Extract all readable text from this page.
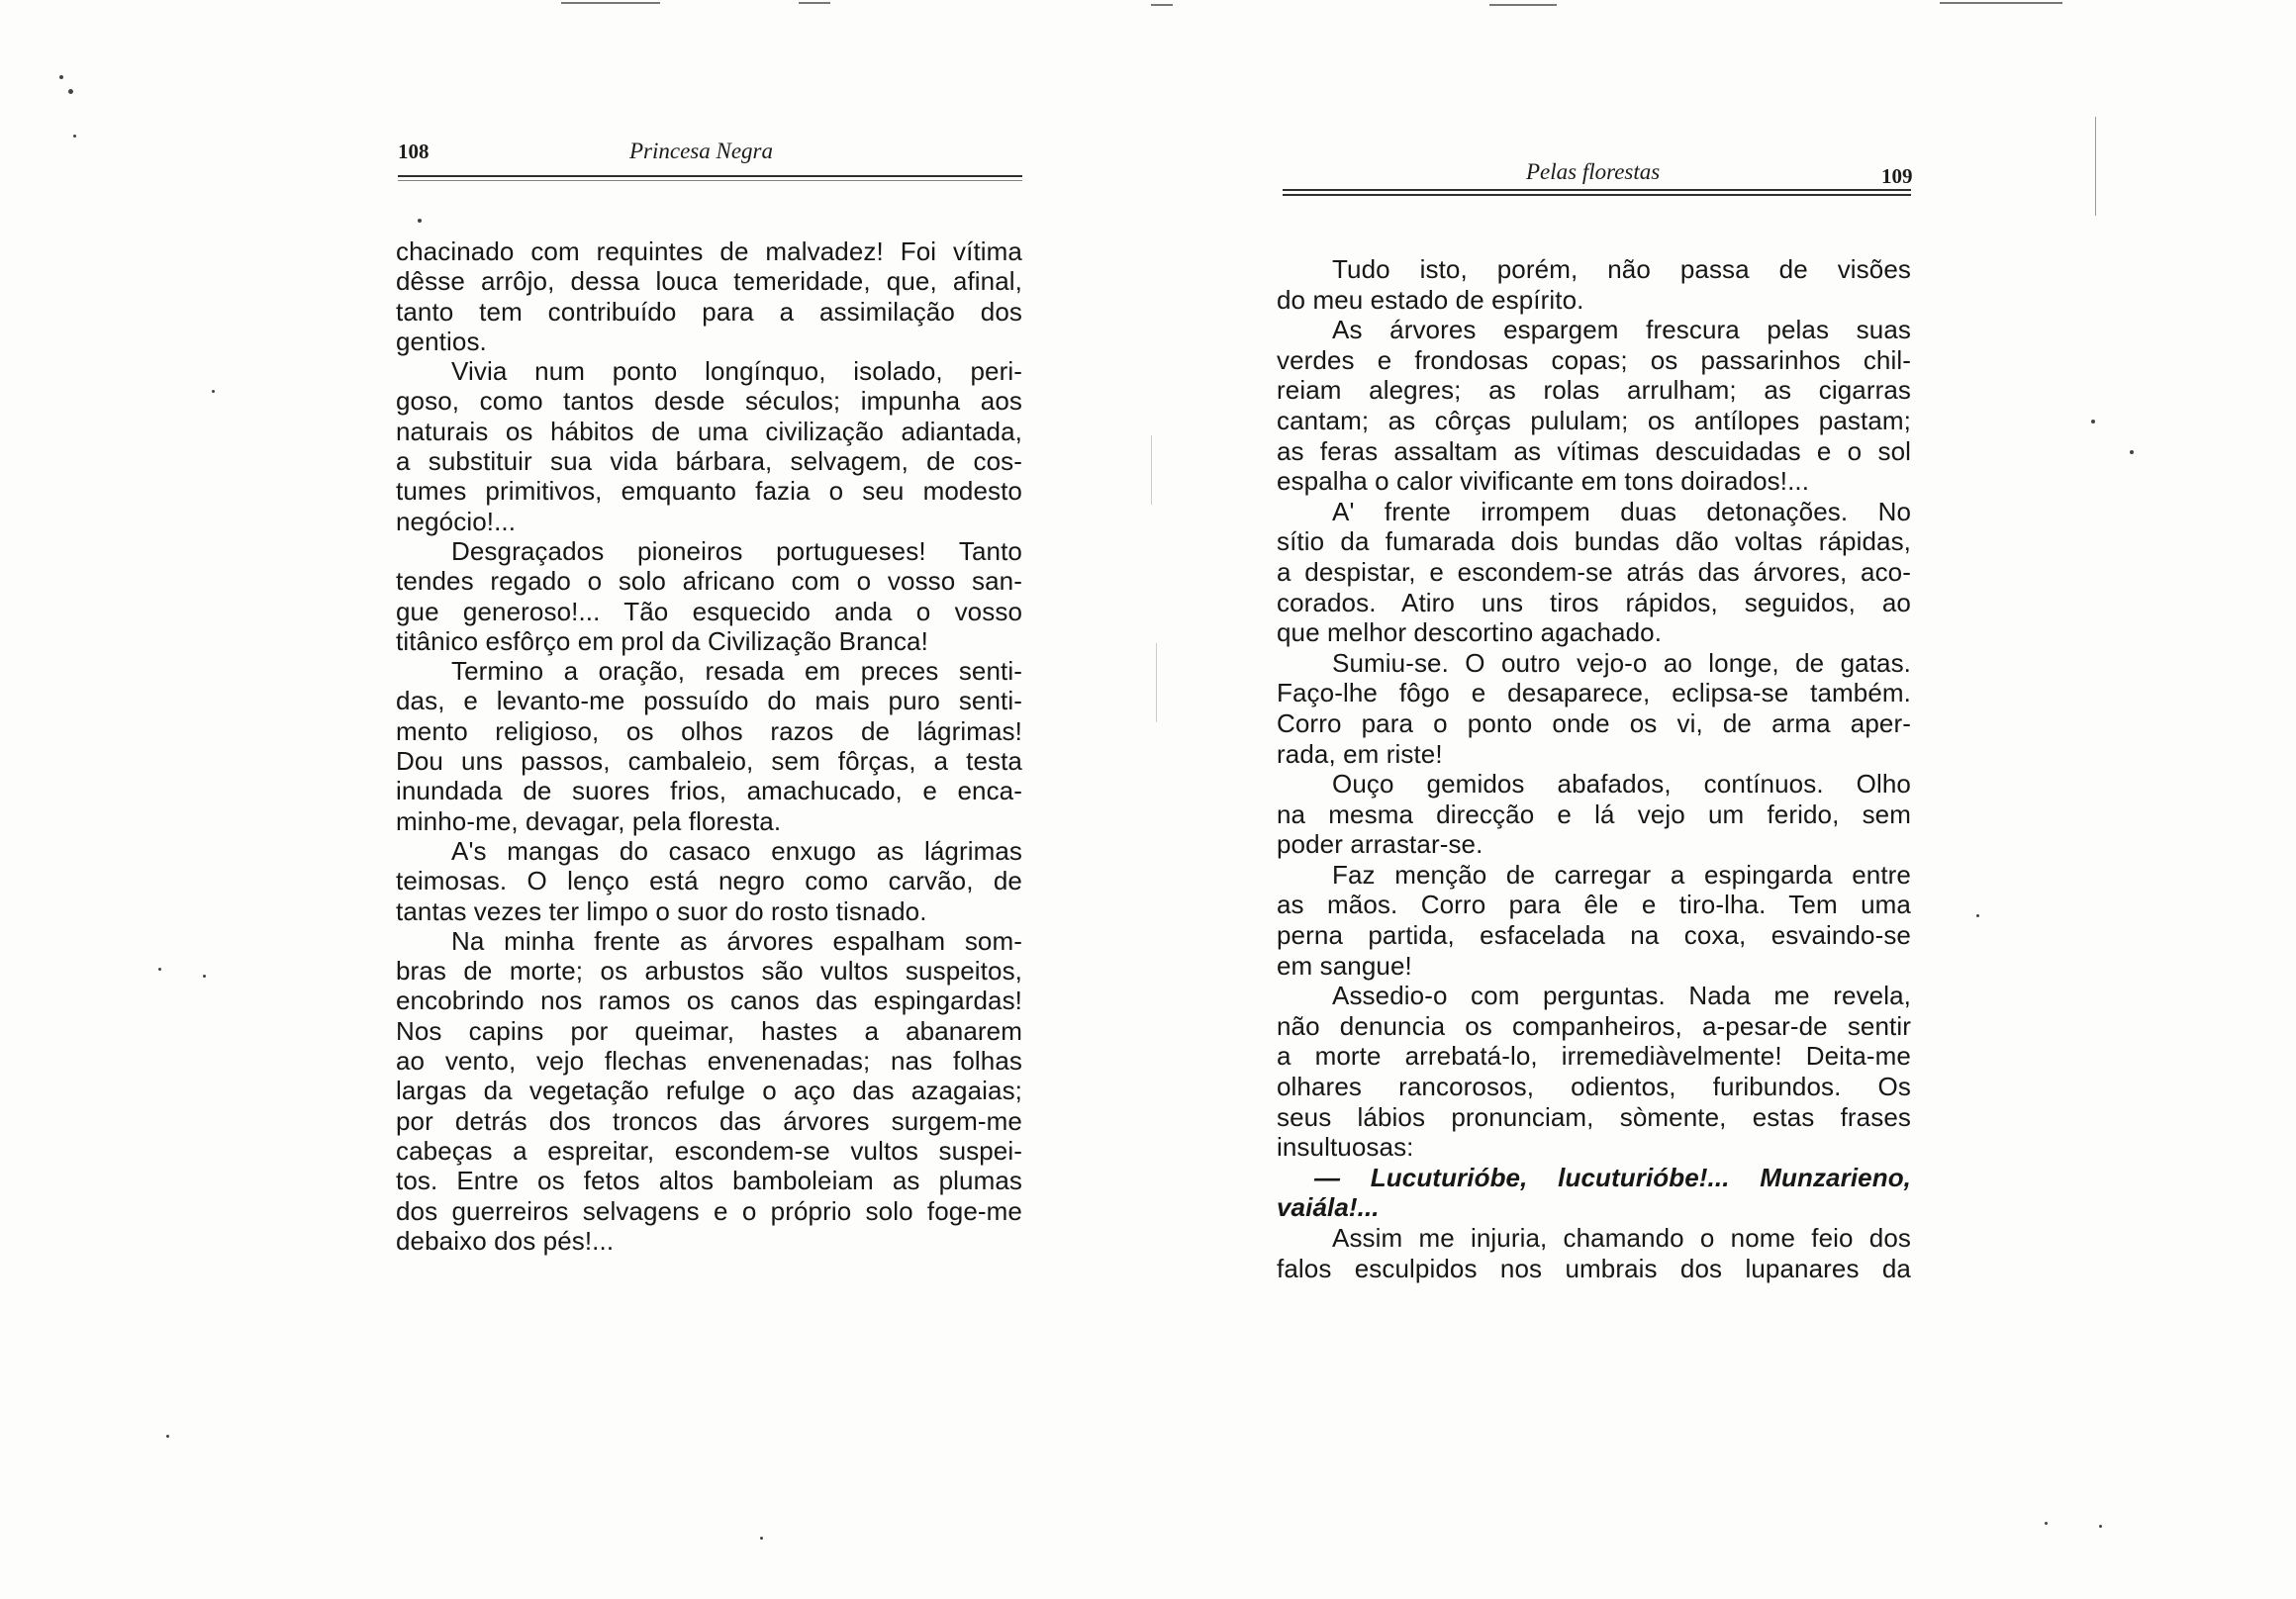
108	Princesa Negra
chacinado com requintes de malvadez! Foi vítima
dêsse arrôjo, dessa louca temeridade, que, afinal,
tanto tem contribuído para a assimilação dos
gentios.
Vivia num ponto longínquo, isolado, peri-
goso, como tantos desde séculos; impunha aos
naturais os hábitos de uma civilização adiantada,
a substituir sua vida bárbara, selvagem, de cos-
tumes primitivos, emquanto fazia o seu modesto
negócio!...
Desgraçados pioneiros portugueses! Tanto
tendes regado o solo africano com o vosso san-
gue generoso!... Tão esquecido anda o vosso
titânico esfôrço em prol da Civilização Branca!
Termino a oração, resada em preces senti-
das, e levanto-me possuído do mais puro senti-
mento religioso, os olhos razos de lágrimas!
Dou uns passos, cambaleio, sem fôrças, a testa
inundada de suores frios, amachucado, e enca-
minho-me, devagar, pela floresta.
A's mangas do casaco enxugo as lágrimas
teimosas. O lenço está negro como carvão, de
tantas vezes ter limpo o suor do rosto tisnado.
Na minha frente as árvores espalham som-
bras de morte; os arbustos são vultos suspeitos,
encobrindo nos ramos os canos das espingardas!
Nos capins por queimar, hastes a abanarem
ao vento, vejo flechas envenenadas; nas folhas
largas da vegetação refulge o aço das azagaias;
por detrás dos troncos das árvores surgem-me
cabeças a espreitar, escondem-se vultos suspei-
tos. Entre os fetos altos bamboleiam as plumas
dos guerreiros selvagens e o próprio solo foge-me
debaixo dos pés!...
Pelas florestas	109
Tudo isto, porém, não passa de visões
do meu estado de espírito.
As árvores espargem frescura pelas suas
verdes e frondosas copas; os passarinhos chil-
reiam alegres; as rolas arrulham; as cigarras
cantam; as côrças pululam; os antílopes pastam;
as feras assaltam as vítimas descuidadas e o sol
espalha o calor vivificante em tons doirados!...
A' frente irrompem duas detonações. No
sítio da fumarada dois bundas dão voltas rápidas,
a despistar, e escondem-se atrás das árvores, aco-
corados. Atiro uns tiros rápidos, seguidos, ao
que melhor descortino agachado.
Sumiu-se. O outro vejo-o ao longe, de gatas.
Faço-lhe fôgo e desaparece, eclipsa-se também.
Corro para o ponto onde os vi, de arma aper-
rada, em riste!
Ouço gemidos abafados, contínuos. Olho
na mesma direcção e lá vejo um ferido, sem
poder arrastar-se.
Faz menção de carregar a espingarda entre
as mãos. Corro para êle e tiro-lha. Tem uma
perna partida, esfacelada na coxa, esvaindo-se
em sangue!
Assedio-o com perguntas. Nada me revela,
não denuncia os companheiros, a-pesar-de sentir
a morte arrebatá-lo, irremediàvelmente! Deita-me
olhares rancorosos, odientos, furibundos. Os
seus lábios pronunciam, sòmente, estas frases
insultuosas:
— Lucuturióbe, lucuturióbe!... Munzarieno,
vaiála!...
Assim me injuria, chamando o nome feio dos
falos esculpidos nos umbrais dos lupanares da
